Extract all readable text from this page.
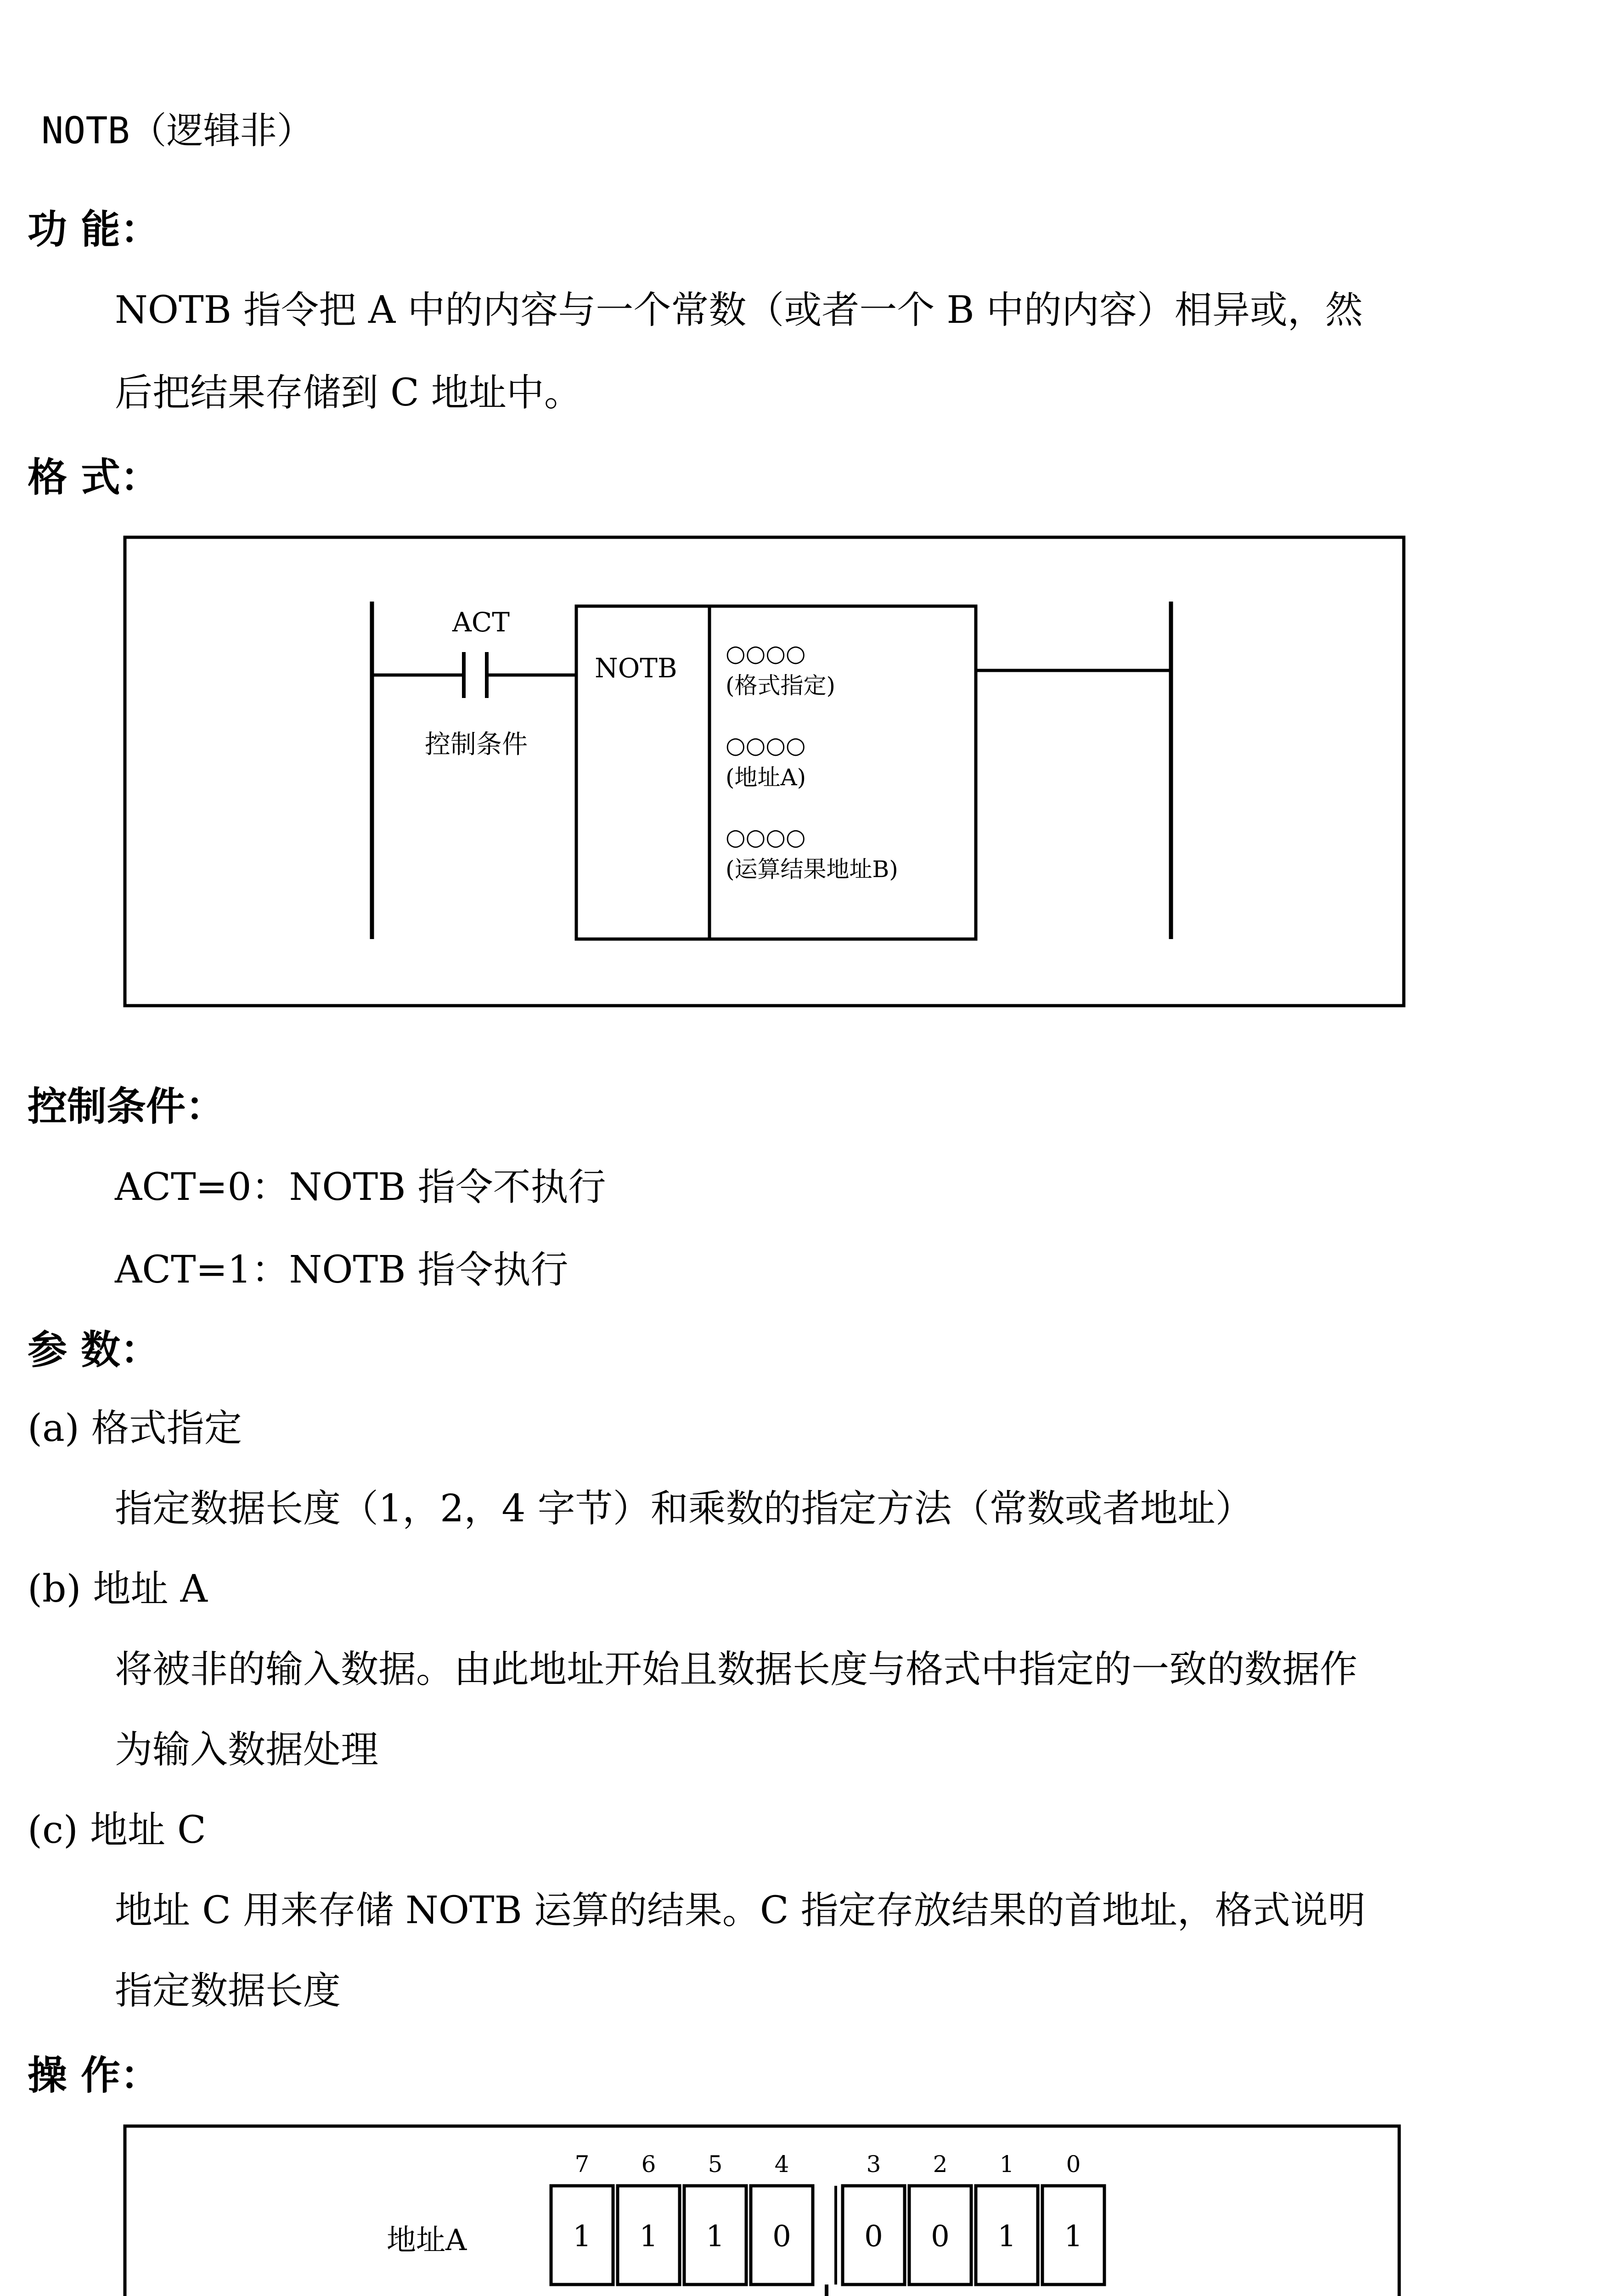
NOTB（逻辑非）
功 能：
NOTB 指令把 A 中的内容与一个常数（或者一个 B 中的内容）相异或，然
后把结果存储到 C 地址中。
格 式：
ACT
控制条件
NOTB ○○○○
(格式指定)
○○○○
(地址A)
○○○○
(运算结果地址B)
控制条件：
ACT=0：NOTB 指令不执行
ACT=1：NOTB 指令执行
参 数：
(a) 格式指定
指定数据长度（1，2，4 字节）和乘数的指定方法（常数或者地址）
(b) 地址 A
将被非的输入数据。由此地址开始且数据长度与格式中指定的一致的数据作
为输入数据处理
(c) 地址 C
地址 C 用来存储 NOTB 运算的结果。C 指定存放结果的首地址，格式说明
指定数据长度
操 作：
地址A
7 6 5 4	3 2 1 0
1 1 1 0 0 0 1 1
